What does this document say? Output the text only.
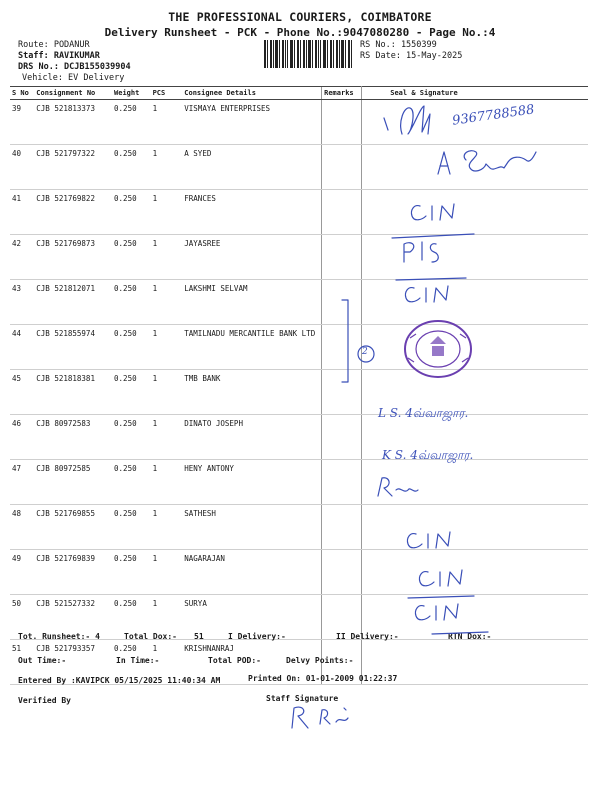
THE PROFESSIONAL COURIERS, COIMBATORE
Delivery Runsheet - PCK - Phone No.:9047080280 - Page No.:4
Route: PODANUR
Staff: RAVIKUMAR
DRS No.: DCJB155039904
Vehicle: EV Delivery
RS No.: 1550399
RS Date: 15-May-2025
S No	Consignment No	Weight	PCS	Consignee Details	Remarks	Seal & Signature
39	CJB 521813373	0.250	1	VISMAYA ENTERPRISES		
40	CJB 521797322	0.250	1	A SYED		
41	CJB 521769822	0.250	1	FRANCES		
42	CJB 521769873	0.250	1	JAYASREE		
43	CJB 521812071	0.250	1	LAKSHMI SELVAM		
44	CJB 521855974	0.250	1	TAMILNADU MERCANTILE BANK LTD		
45	CJB 521818381	0.250	1	TMB BANK		
46	CJB 80972583	0.250	1	DINATO JOSEPH		
47	CJB 80972585	0.250	1	HENY ANTONY		
48	CJB 521769855	0.250	1	SATHESH		
49	CJB 521769839	0.250	1	NAGARAJAN		
50	CJB 521527332	0.250	1	SURYA		
51	CJB 521793357	0.250	1	KRISHNANRAJ		
9367788588
2
L S. 4வ்வாஜார.
K S. 4வ்வாஜார.
Tot. Runsheet:- 4	Total Dox:- 51	I Delivery:-	II Delivery:-	RTN Dox:-
Out Time:-	In Time:-	Total POD:-	Delvy Points:-
Entered By :KAVIPCK 05/15/2025 11:40:34 AM	Printed On: 01-01-2009 01:22:37
Verified By	Staff Signature
